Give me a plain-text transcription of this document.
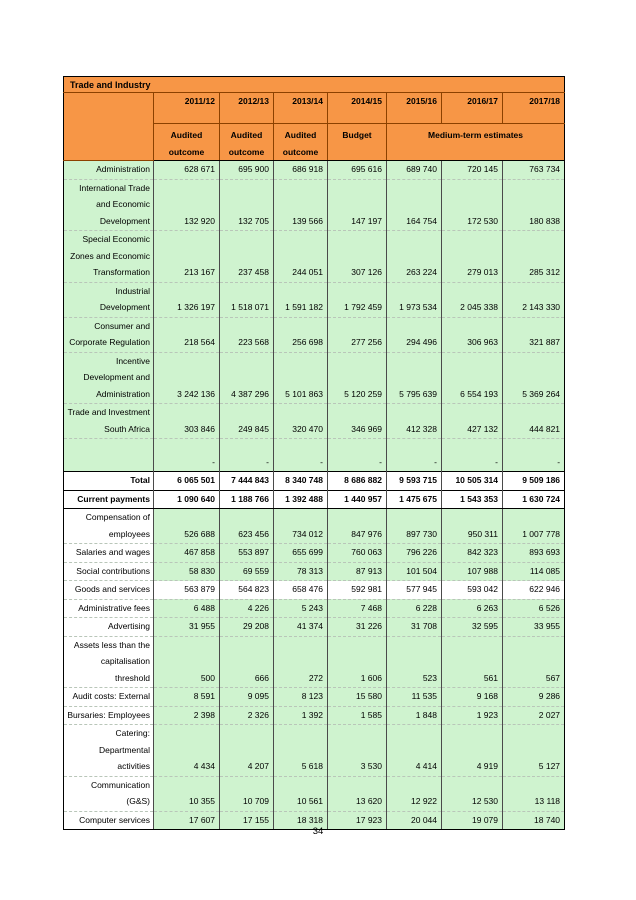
Trade and Industry							
	2011/12	2012/13	2013/14	2014/15	2015/16	2016/17	2017/18
	Audited outcome	Audited outcome	Audited outcome	Budget	Medium-term estimates		
Administration	628 671	695 900	686 918	695 616	689 740	720 145	763 734
International Trade and Economic Development	132 920	132 705	139 566	147 197	164 754	172 530	180 838
Special Economic Zones and Economic Transformation	213 167	237 458	244 051	307 126	263 224	279 013	285 312
Industrial Development	1 326 197	1 518 071	1 591 182	1 792 459	1 973 534	2 045 338	2 143 330
Consumer and Corporate Regulation	218 564	223 568	256 698	277 256	294 496	306 963	321 887
Incentive Development and Administration	3 242 136	4 387 296	5 101 863	5 120 259	5 795 639	6 554 193	5 369 264
Trade and Investment South Africa	303 846	249 845	320 470	346 969	412 328	427 132	444 821
	-	-	-	-	-	-	-
Total	6 065 501	7 444 843	8 340 748	8 686 882	9 593 715	10 505 314	9 509 186
Current payments	1 090 640	1 188 766	1 392 488	1 440 957	1 475 675	1 543 353	1 630 724
Compensation of employees	526 688	623 456	734 012	847 976	897 730	950 311	1 007 778
Salaries and wages	467 858	553 897	655 699	760 063	796 226	842 323	893 693
Social contributions	58 830	69 559	78 313	87 913	101 504	107 988	114 085
Goods and services	563 879	564 823	658 476	592 981	577 945	593 042	622 946
Administrative fees	6 488	4 226	5 243	7 468	6 228	6 263	6 526
Advertising	31 955	29 208	41 374	31 226	31 708	32 595	33 955
Assets less than the capitalisation threshold	500	666	272	1 606	523	561	567
Audit costs: External	8 591	9 095	8 123	15 580	11 535	9 168	9 286
Bursaries: Employees	2 398	2 326	1 392	1 585	1 848	1 923	2 027
Catering: Departmental activities	4 434	4 207	5 618	3 530	4 414	4 919	5 127
Communication (G&S)	10 355	10 709	10 561	13 620	12 922	12 530	13 118
Computer services	17 607	17 155	18 318	17 923	20 044	19 079	18 740
34
